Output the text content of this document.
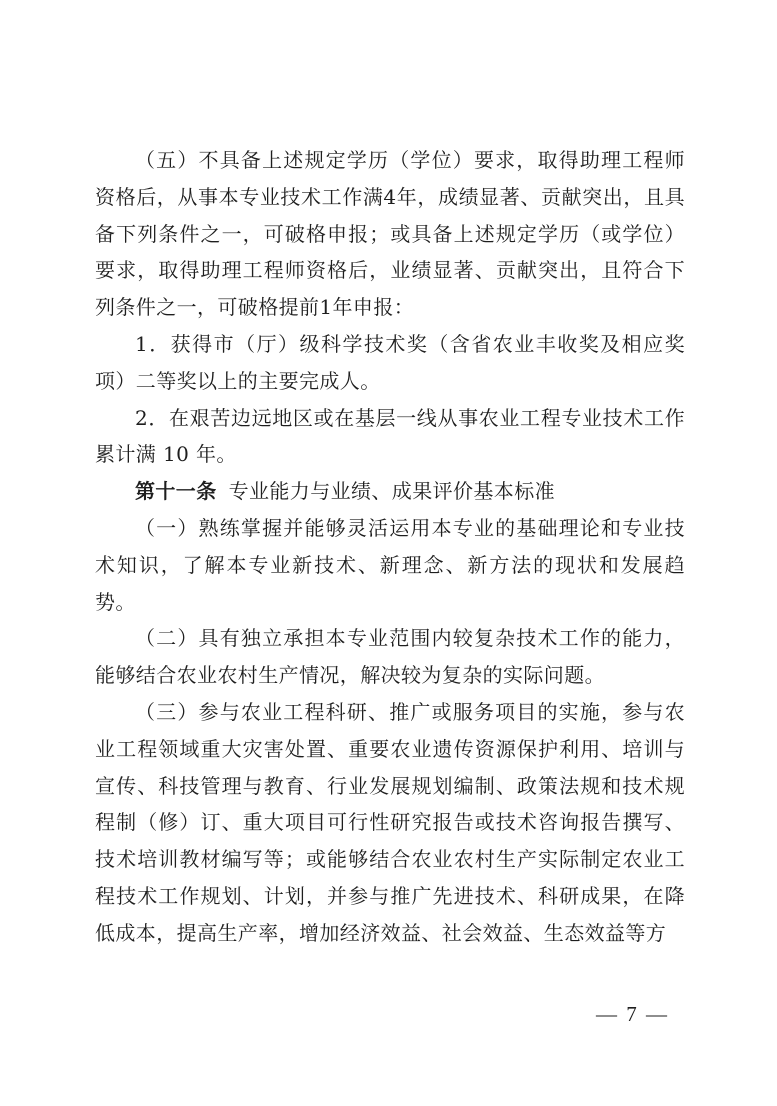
（五）不具备上述规定学历（学位）要求，取得助理工程师资格后，从事本专业技术工作满4年，成绩显著、贡献突出，且具备下列条件之一，可破格申报；或具备上述规定学历（或学位）要求，取得助理工程师资格后，业绩显著、贡献突出，且符合下列条件之一，可破格提前1年申报：

1．获得市（厅）级科学技术奖（含省农业丰收奖及相应奖项）二等奖以上的主要完成人。

2．在艰苦边远地区或在基层一线从事农业工程专业技术工作累计满 10 年。

第十一条 专业能力与业绩、成果评价基本标准

（一）熟练掌握并能够灵活运用本专业的基础理论和专业技术知识，了解本专业新技术、新理念、新方法的现状和发展趋势。

（二）具有独立承担本专业范围内较复杂技术工作的能力，能够结合农业农村生产情况，解决较为复杂的实际问题。

（三）参与农业工程科研、推广或服务项目的实施，参与农业工程领域重大灾害处置、重要农业遗传资源保护利用、培训与宣传、科技管理与教育、行业发展规划编制、政策法规和技术规程制（修）订、重大项目可行性研究报告或技术咨询报告撰写、技术培训教材编写等；或能够结合农业农村生产实际制定农业工程技术工作规划、计划，并参与推广先进技术、科研成果，在降低成本，提高生产率，增加经济效益、社会效益、生态效益等方

— 7 —
